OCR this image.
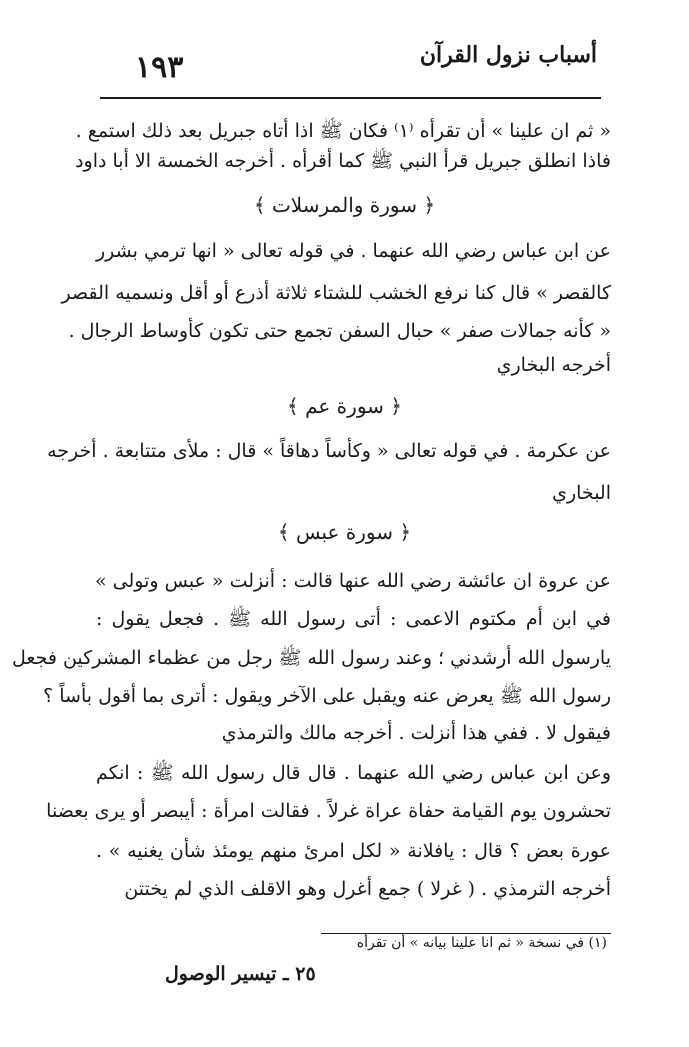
أسباب نزول القرآن
١٩٣
« ثم ان علينا » أن تقرأه ⁽١⁾ فكان ﷺ اذا أتاه جبريل بعد ذلك استمع .
فاذا انطلق جبريل قرأ النبي ﷺ كما أقرأه . أخرجه الخمسة الا أبا داود
﴿ سورة والمرسلات ﴾
عن ابن عباس رضي الله عنهما . في قوله تعالى « انها ترمي بشرر
كالقصر » قال كنا نرفع الخشب للشتاء ثلاثة أذرع أو أقل ونسميه القصر
« كأنه جمالات صفر » حبال السفن تجمع حتى تكون كأوساط الرجال .
أخرجه البخاري
﴿ سورة عم ﴾
عن عكرمة . في قوله تعالى « وكأساً دهاقاً » قال : ملأى متتابعة . أخرجه
البخاري
﴿ سورة عبس ﴾
عن عروة ان عائشة رضي الله عنها قالت : أنزلت « عبس وتولى »
في ابن أم مكتوم الاعمى : أتى رسول الله ﷺ . فجعل يقول :
يارسول الله أرشدني ؛ وعند رسول الله ﷺ رجل من عظماء المشركين فجعل
رسول الله ﷺ يعرض عنه ويقبل على الآخر ويقول : أترى بما أقول بأساً ؟
فيقول لا . ففي هذا أنزلت . أخرجه مالك والترمذي
وعن ابن عباس رضي الله عنهما . قال قال رسول الله ﷺ : انكم
تحشرون يوم القيامة حفاة عراة غرلاً . فقالت امرأة : أيبصر أو يرى بعضنا
عورة بعض ؟ قال : يافلانة « لكل امرئ منهم يومئذ شأن يغنيه » .
أخرجه الترمذي . ( غرلا ) جمع أغرل وهو الاقلف الذي لم يختتن
(١) في نسخة « ثم انا علينا بيانه » أن تقرأه
٢٥ ـ تيسير الوصول
